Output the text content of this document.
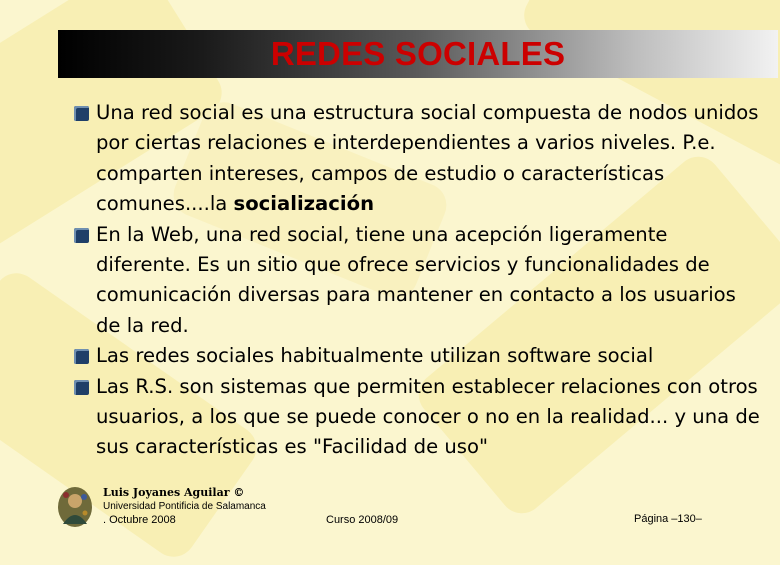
REDES SOCIALES
Una red social es una estructura social compuesta de nodos unidos por ciertas relaciones e interdependientes a varios niveles. P.e. comparten intereses, campos de estudio o características comunes....la socialización
En la Web, una red social, tiene una acepción ligeramente diferente. Es un sitio que ofrece servicios y funcionalidades de comunicación diversas para mantener en contacto a los usuarios de la red.
Las redes sociales habitualmente utilizan software social
Las R.S. son sistemas que permiten establecer relaciones con otros usuarios, a los que se puede conocer o no en la realidad... y una de sus características es "Facilidad de uso"
Luis Joyanes Aguilar ©
Universidad Pontificia de Salamanca
. Octubre 2008	Curso 2008/09	Página –130–
